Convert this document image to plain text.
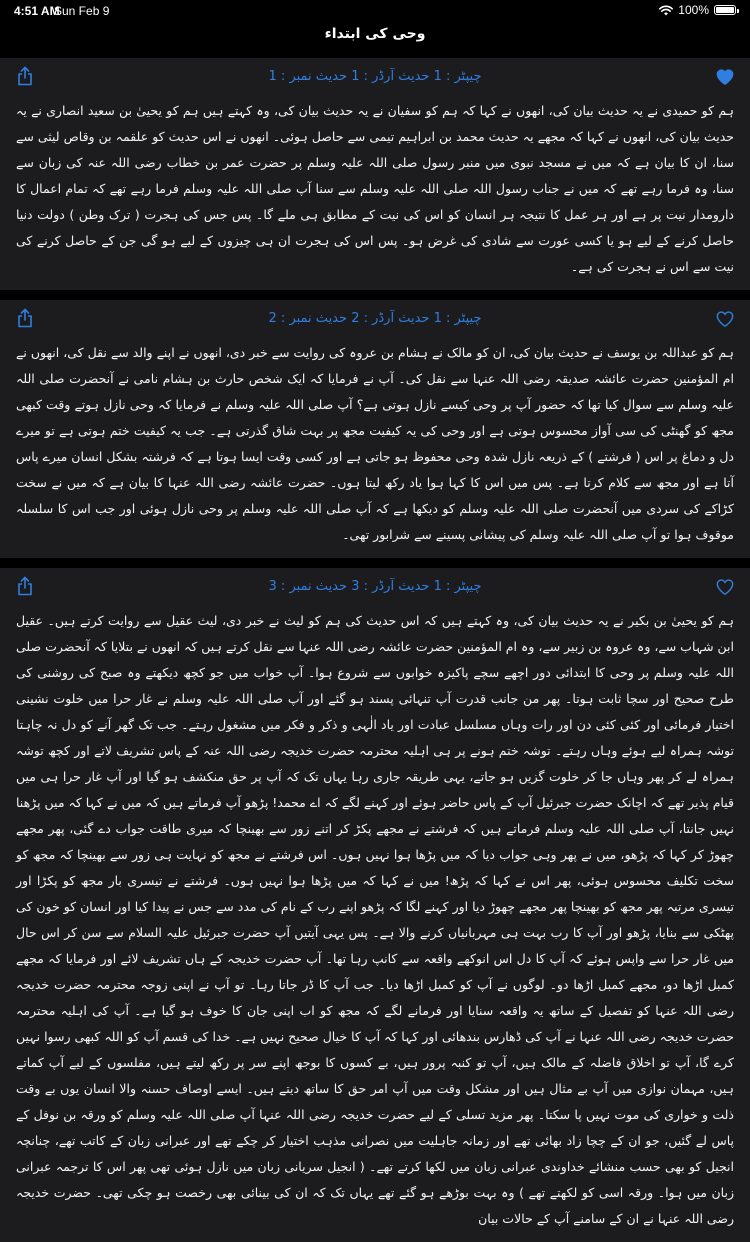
4:51 AM
Sun Feb 9	100%
وحی کی ابتداء
چیپٹر : 1 حدیث آرڈر : 1 حدیث نمبر : 1

ہم کو حمیدی نے یہ حدیث بیان کی، انھوں نے کہا کہ ہم کو سفیان نے یہ حدیث بیان کی، وہ کہتے ہیں ہم کو یحییٰ بن سعید انصاری نے یہ حدیث بیان کی، انھوں نے کہا کہ مجھے یہ حدیث محمد بن ابراہیم تیمی سے حاصل ہوئی۔ انھوں نے اس حدیث کو علقمہ بن وقاص لیثی سے سنا، ان کا بیان ہے کہ میں نے مسجد نبوی میں منبر رسول صلی اللہ علیہ وسلم پر حضرت عمر بن خطاب رضی اللہ عنہ کی زبان سے سنا، وہ فرما رہے تھے کہ میں نے جناب رسول اللہ صلی اللہ علیہ وسلم سے سنا آپ صلی اللہ علیہ وسلم فرما رہے تھے کہ تمام اعمال کا دارومدار نیت پر ہے اور ہر عمل کا نتیجہ ہر انسان کو اس کی نیت کے مطابق ہی ملے گا۔ پس جس کی ہجرت ( ترک وطن ) دولت دنیا حاصل کرنے کے لیے ہو یا کسی عورت سے شادی کی غرض ہو۔ پس اس کی ہجرت ان ہی چیزوں کے لیے ہو گی جن کے حاصل کرنے کی نیت سے اس نے ہجرت کی ہے۔

چیپٹر : 1 حدیث آرڈر : 2 حدیث نمبر : 2

ہم کو عبداللہ بن یوسف نے حدیث بیان کی، ان کو مالک نے ہشام بن عروہ کی روایت سے خبر دی، انھوں نے اپنے والد سے نقل کی، انھوں نے ام المؤمنین حضرت عائشہ صدیقہ رضی اللہ عنہا سے نقل کی۔ آپ نے فرمایا کہ ایک شخص حارث بن ہشام نامی نے آنحضرت صلی اللہ علیہ وسلم سے سوال کیا تھا کہ حضور آپ پر وحی کیسے نازل ہوتی ہے؟ آپ صلی اللہ علیہ وسلم نے فرمایا کہ وحی نازل ہوتے وقت کبھی مجھ کو گھنٹی کی سی آواز محسوس ہوتی ہے اور وحی کی یہ کیفیت مجھ پر بہت شاق گذرتی ہے۔ جب یہ کیفیت ختم ہوتی ہے تو میرے دل و دماغ پر اس ( فرشتے ) کے ذریعہ نازل شدہ وحی محفوظ ہو جاتی ہے اور کسی وقت ایسا ہوتا ہے کہ فرشتہ بشکل انسان میرے پاس آتا ہے اور مجھ سے کلام کرتا ہے۔ پس میں اس کا کہا ہوا یاد رکھ لیتا ہوں۔ حضرت عائشہ رضی اللہ عنہا کا بیان ہے کہ میں نے سخت کڑاکے کی سردی میں آنحضرت صلی اللہ علیہ وسلم کو دیکھا ہے کہ آپ صلی اللہ علیہ وسلم پر وحی نازل ہوئی اور جب اس کا سلسلہ موقوف ہوا تو آپ صلی اللہ علیہ وسلم کی پیشانی پسینے سے شرابور تھی۔

چیپٹر : 1 حدیث آرڈر : 3 حدیث نمبر : 3

ہم کو یحییٰ بن بکیر نے یہ حدیث بیان کی، وہ کہتے ہیں کہ اس حدیث کی ہم کو لیث نے خبر دی، لیث عقیل سے روایت کرتے ہیں۔ عقیل ابن شہاب سے، وہ عروہ بن زبیر سے، وہ ام المؤمنین حضرت عائشہ رضی اللہ عنہا سے نقل کرتے ہیں کہ انھوں نے بتلایا کہ آنحضرت صلی اللہ علیہ وسلم پر وحی کا ابتدائی دور اچھے سچے پاکیزہ خوابوں سے شروع ہوا۔ آپ خواب میں جو کچھ دیکھتے وہ صبح کی روشنی کی طرح صحیح اور سچا ثابت ہوتا۔ پھر من جانب قدرت آپ تنہائی پسند ہو گئے اور آپ صلی اللہ علیہ وسلم نے غار حرا میں خلوت نشینی اختیار فرمائی اور کئی کئی دن اور رات وہاں مسلسل عبادت اور یاد الٰہی و ذکر و فکر میں مشغول رہتے۔ جب تک گھر آنے کو دل نہ چاہتا توشہ ہمراہ لیے ہوئے وہاں رہتے۔ توشہ ختم ہونے پر ہی اہلیہ محترمہ حضرت خدیجہ رضی اللہ عنہ کے پاس تشریف لاتے اور کچھ توشہ ہمراہ لے کر پھر وہاں جا کر خلوت گزیں ہو جاتے، یہی طریقہ جاری رہا یہاں تک کہ آپ پر حق منکشف ہو گیا اور آپ غار حرا ہی میں قیام پذیر تھے کہ اچانک حضرت جبرئیل آپ کے پاس حاضر ہوئے اور کہنے لگے کہ اے محمد! پڑھو آپ فرماتے ہیں کہ میں نے کہا کہ میں پڑھنا نہیں جانتا، آپ صلی اللہ علیہ وسلم فرماتے ہیں کہ فرشتے نے مجھے پکڑ کر اتنے زور سے بھینچا کہ میری طاقت جواب دے گئی، پھر مجھے چھوڑ کر کہا کہ پڑھو، میں نے پھر وہی جواب دیا کہ میں پڑھا ہوا نہیں ہوں۔ اس فرشتے نے مجھ کو نہایت ہی زور سے بھینچا کہ مجھ کو سخت تکلیف محسوس ہوئی، پھر اس نے کہا کہ پڑھ! میں نے کہا کہ میں پڑھا ہوا نہیں ہوں۔ فرشتے نے تیسری بار مجھ کو پکڑا اور تیسری مرتبہ پھر مجھ کو بھینچا پھر مجھے چھوڑ دیا اور کہنے لگا کہ پڑھو اپنے رب کے نام کی مدد سے جس نے پیدا کیا اور انسان کو خون کی پھٹکی سے بنایا، پڑھو اور آپ کا رب بہت ہی مہربانیاں کرنے والا ہے۔ پس یہی آیتیں آپ حضرت جبرئیل علیہ السلام سے سن کر اس حال میں غار حرا سے واپس ہوئے کہ آپ کا دل اس انوکھے واقعہ سے کانپ رہا تھا۔ آپ حضرت خدیجہ کے ہاں تشریف لائے اور فرمایا کہ مجھے کمبل اڑھا دو، مجھے کمبل اڑھا دو۔ لوگوں نے آپ کو کمبل اڑھا دیا۔ جب آپ کا ڈر جاتا رہا۔ تو آپ نے اپنی زوجہ محترمہ حضرت خدیجہ رضی اللہ عنہا کو تفصیل کے ساتھ یہ واقعہ سنایا اور فرمانے لگے کہ مجھ کو اب اپنی جان کا خوف ہو گیا ہے۔ آپ کی اہلیہ محترمہ حضرت خدیجہ رضی اللہ عنہا نے آپ کی ڈھارس بندھائی اور کہا کہ آپ کا خیال صحیح نہیں ہے۔ خدا کی قسم آپ کو اللہ کبھی رسوا نہیں کرے گا، آپ تو اخلاق فاضلہ کے مالک ہیں، آپ تو کنبہ پرور ہیں، بے کسوں کا بوجھ اپنے سر پر رکھ لیتے ہیں، مفلسوں کے لیے آپ کماتے ہیں، مہمان نوازی میں آپ بے مثال ہیں اور مشکل وقت میں آپ امر حق کا ساتھ دیتے ہیں۔ ایسے اوصاف حسنہ والا انسان یوں بے وقت ذلت و خواری کی موت نہیں پا سکتا۔ پھر مزید تسلی کے لیے حضرت خدیجہ رضی اللہ عنہا آپ صلی اللہ علیہ وسلم کو ورقہ بن نوفل کے پاس لے گئیں، جو ان کے چچا زاد بھائی تھے اور زمانہ جاہلیت میں نصرانی مذہب اختیار کر چکے تھے اور عبرانی زبان کے کاتب تھے، چنانچہ انجیل کو بھی حسب منشائے خداوندی عبرانی زبان میں لکھا کرتے تھے۔ ( انجیل سریانی زبان میں نازل ہوئی تھی پھر اس کا ترجمہ عبرانی زبان میں ہوا۔ ورقہ اسی کو لکھتے تھے ) وہ بہت بوڑھے ہو گئے تھے یہاں تک کہ ان کی بینائی بھی رخصت ہو چکی تھی۔ حضرت خدیجہ رضی اللہ عنہا نے ان کے سامنے آپ کے حالات بیان
